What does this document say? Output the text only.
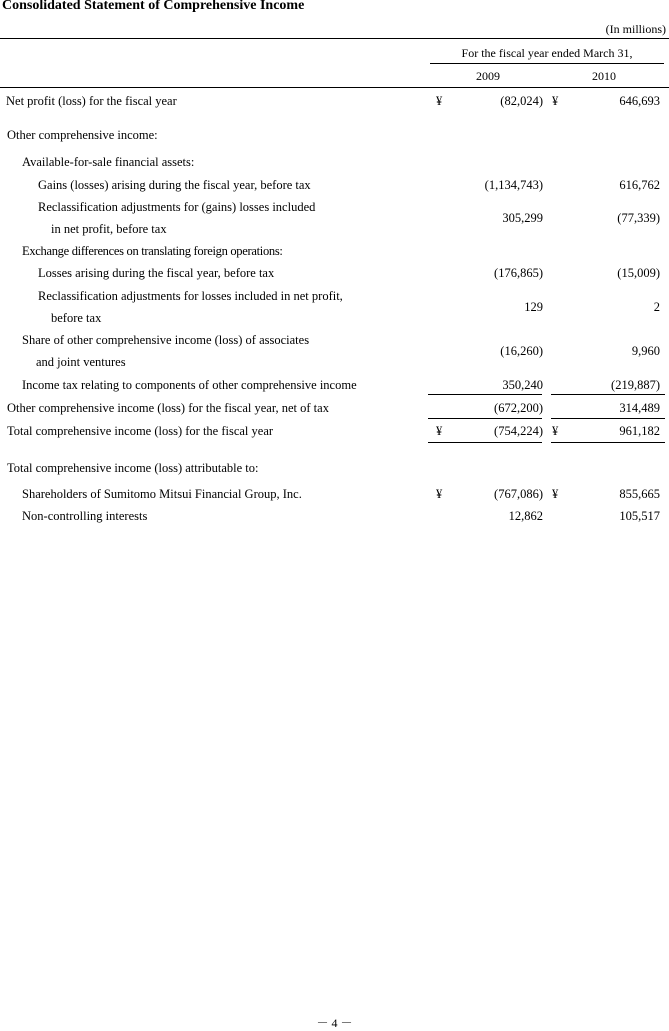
Consolidated Statement of Comprehensive Income
(In millions)
For the fiscal year ended March 31,
2009	2010
Net profit (loss) for the fiscal year	¥	(82,024) ¥	646,693
Other comprehensive income:
Available-for-sale financial assets:
Gains (losses) arising during the fiscal year, before tax	(1,134,743)	616,762
Reclassification adjustments for (gains) losses included
in net profit, before tax
305,299	(77,339)
Exchange differences on translating foreign operations:
Losses arising during the fiscal year, before tax	(176,865)	(15,009)
Reclassification adjustments for losses included in net profit,
before tax
129	2
Share of other comprehensive income (loss) of associates
and joint ventures
(16,260)	9,960
Income tax relating to components of other comprehensive income	350,240	(219,887)
Other comprehensive income (loss) for the fiscal year, net of tax	(672,200)	314,489
Total comprehensive income (loss) for the fiscal year	¥	(754,224) ¥	961,182
Total comprehensive income (loss) attributable to:
Shareholders of Sumitomo Mitsui Financial Group, Inc.	¥	(767,086) ¥	855,665
Non-controlling interests	12,862	105,517
－ 4 －
